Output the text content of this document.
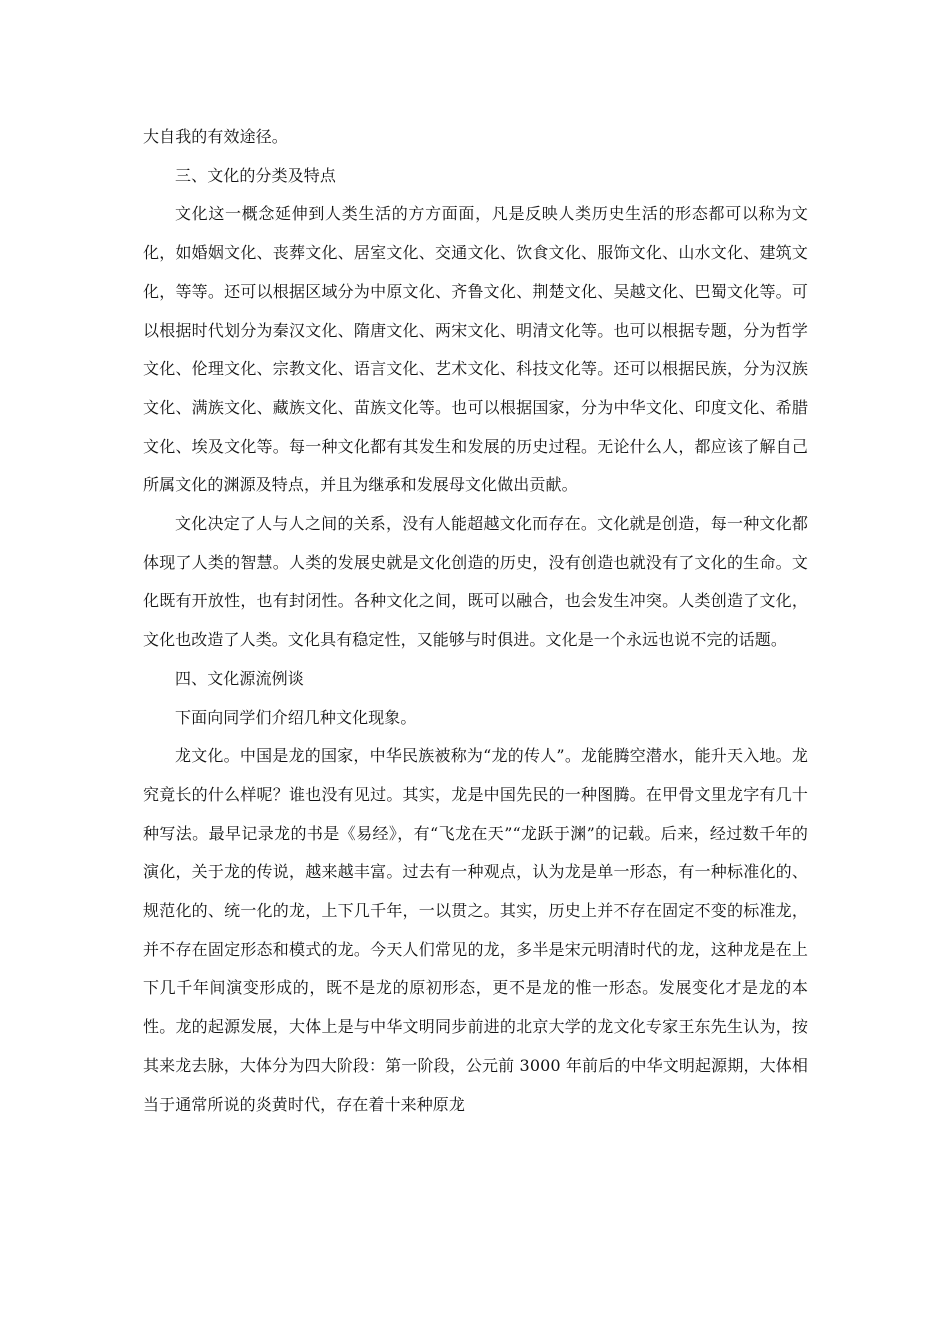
大自我的有效途径。

三、文化的分类及特点

文化这一概念延伸到人类生活的方方面面，凡是反映人类历史生活的形态都可以称为文化，如婚姻文化、丧葬文化、居室文化、交通文化、饮食文化、服饰文化、山水文化、建筑文化，等等。还可以根据区域分为中原文化、齐鲁文化、荆楚文化、吴越文化、巴蜀文化等。可以根据时代划分为秦汉文化、隋唐文化、两宋文化、明清文化等。也可以根据专题，分为哲学文化、伦理文化、宗教文化、语言文化、艺术文化、科技文化等。还可以根据民族，分为汉族文化、满族文化、藏族文化、苗族文化等。也可以根据国家，分为中华文化、印度文化、希腊文化、埃及文化等。每一种文化都有其发生和发展的历史过程。无论什么人，都应该了解自己所属文化的渊源及特点，并且为继承和发展母文化做出贡献。

文化决定了人与人之间的关系，没有人能超越文化而存在。文化就是创造，每一种文化都体现了人类的智慧。人类的发展史就是文化创造的历史，没有创造也就没有了文化的生命。文化既有开放性，也有封闭性。各种文化之间，既可以融合，也会发生冲突。人类创造了文化，文化也改造了人类。文化具有稳定性，又能够与时俱进。文化是一个永远也说不完的话题。

四、文化源流例谈

下面向同学们介绍几种文化现象。

龙文化。中国是龙的国家，中华民族被称为“龙的传人”。龙能腾空潜水，能升天入地。龙究竟长的什么样呢？谁也没有见过。其实，龙是中国先民的一种图腾。在甲骨文里龙字有几十种写法。最早记录龙的书是《易经》，有“飞龙在天”“龙跃于渊”的记载。后来，经过数千年的演化，关于龙的传说，越来越丰富。过去有一种观点，认为龙是单一形态，有一种标准化的、规范化的、统一化的龙，上下几千年，一以贯之。其实，历史上并不存在固定不变的标准龙，并不存在固定形态和模式的龙。今天人们常见的龙，多半是宋元明清时代的龙，这种龙是在上下几千年间演变形成的，既不是龙的原初形态，更不是龙的惟一形态。发展变化才是龙的本性。龙的起源发展，大体上是与中华文明同步前进的北京大学的龙文化专家王东先生认为，按其来龙去脉，大体分为四大阶段：第一阶段，公元前 3000 年前后的中华文明起源期，大体相当于通常所说的炎黄时代，存在着十来种原龙
